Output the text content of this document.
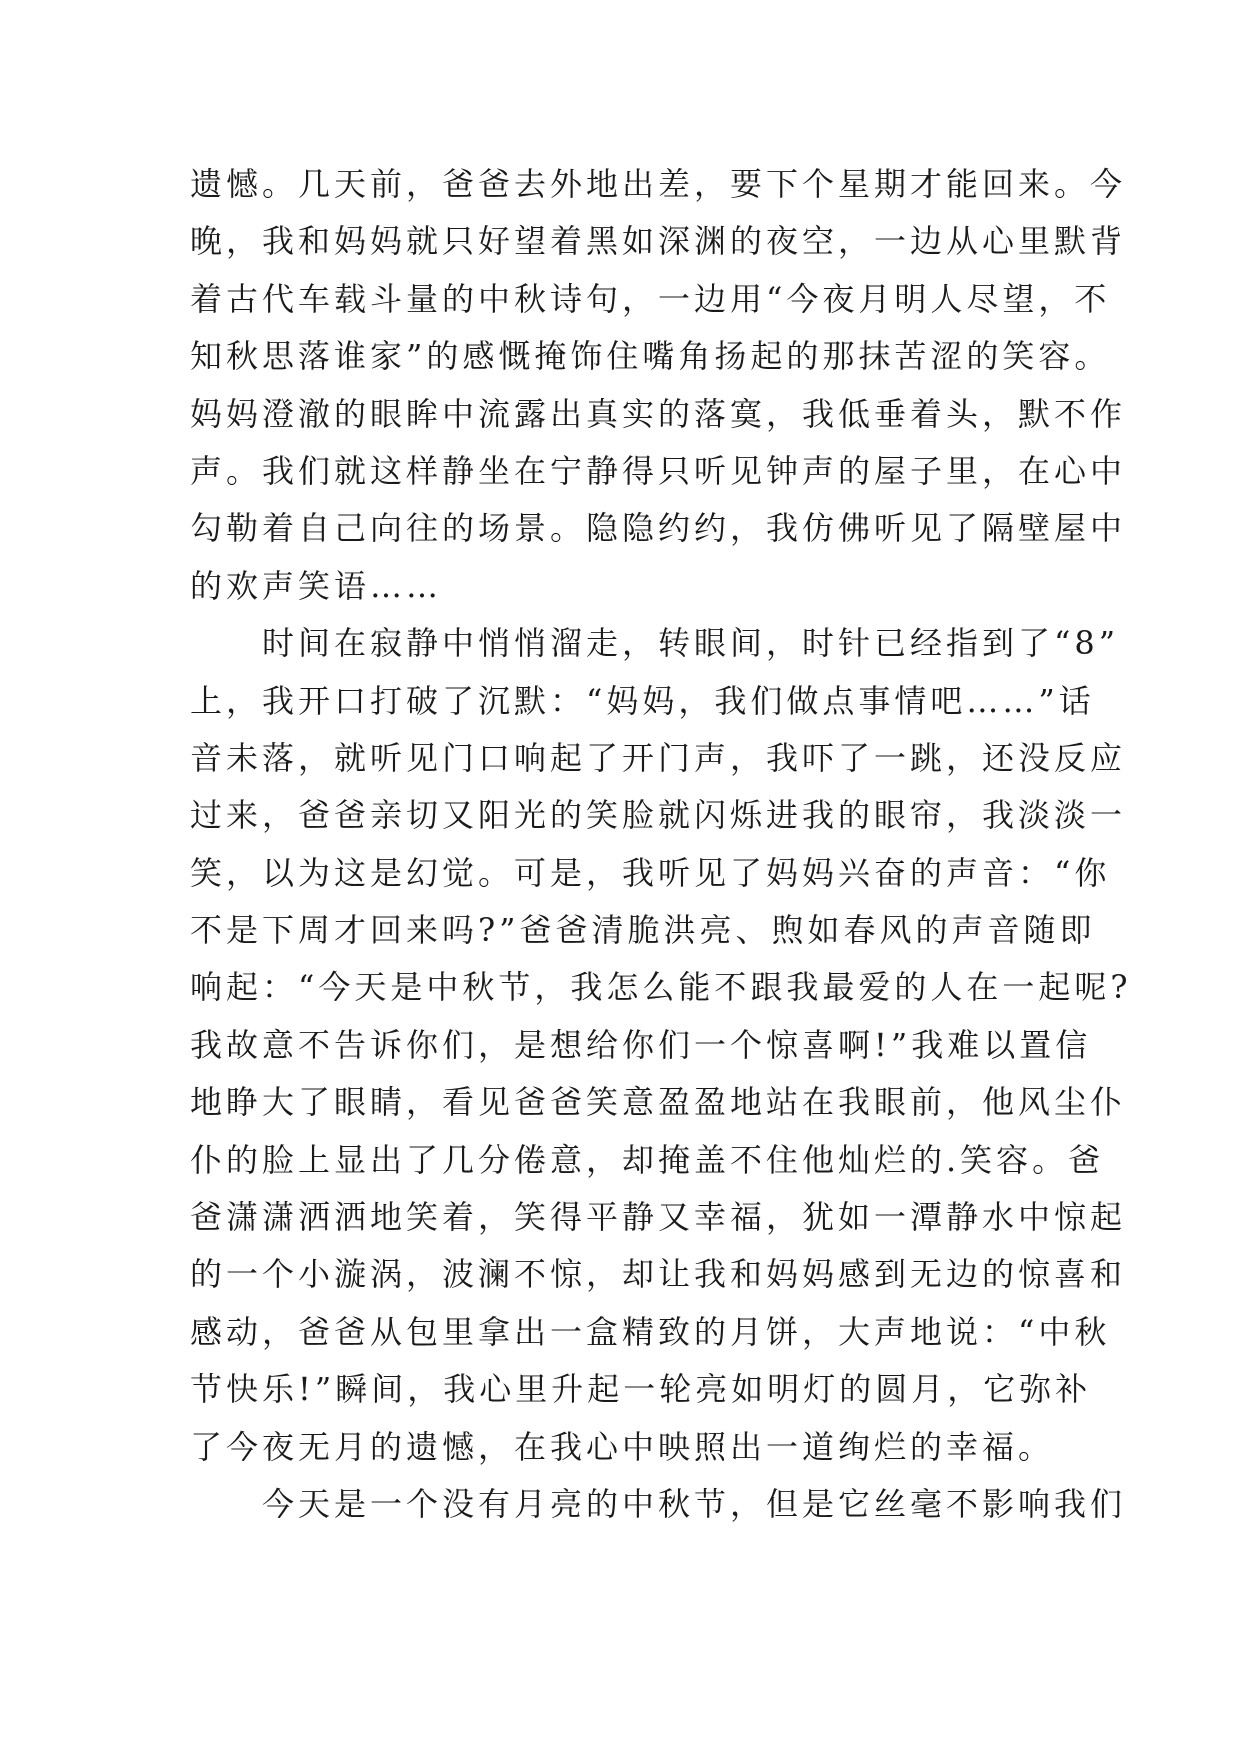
遗憾。几天前，爸爸去外地出差，要下个星期才能回来。今
晚，我和妈妈就只好望着黑如深渊的夜空，一边从心里默背
着古代车载斗量的中秋诗句，一边用“今夜月明人尽望，不
知秋思落谁家”的感慨掩饰住嘴角扬起的那抹苦涩的笑容。
妈妈澄澈的眼眸中流露出真实的落寞，我低垂着头，默不作
声。我们就这样静坐在宁静得只听见钟声的屋子里，在心中
勾勒着自己向往的场景。隐隐约约，我仿佛听见了隔壁屋中
的欢声笑语……
　　时间在寂静中悄悄溜走，转眼间，时针已经指到了“8”
上，我开口打破了沉默：“妈妈，我们做点事情吧……”话
音未落，就听见门口响起了开门声，我吓了一跳，还没反应
过来，爸爸亲切又阳光的笑脸就闪烁进我的眼帘，我淡淡一
笑，以为这是幻觉。可是，我听见了妈妈兴奋的声音：“你
不是下周才回来吗?”爸爸清脆洪亮、煦如春风的声音随即
响起：“今天是中秋节，我怎么能不跟我最爱的人在一起呢?
我故意不告诉你们，是想给你们一个惊喜啊!”我难以置信
地睁大了眼睛，看见爸爸笑意盈盈地站在我眼前，他风尘仆
仆的脸上显出了几分倦意，却掩盖不住他灿烂的.笑容。爸
爸潇潇洒洒地笑着，笑得平静又幸福，犹如一潭静水中惊起
的一个小漩涡，波澜不惊，却让我和妈妈感到无边的惊喜和
感动，爸爸从包里拿出一盒精致的月饼，大声地说：“中秋
节快乐!”瞬间，我心里升起一轮亮如明灯的圆月，它弥补
了今夜无月的遗憾，在我心中映照出一道绚烂的幸福。
　　今天是一个没有月亮的中秋节，但是它丝毫不影响我们
